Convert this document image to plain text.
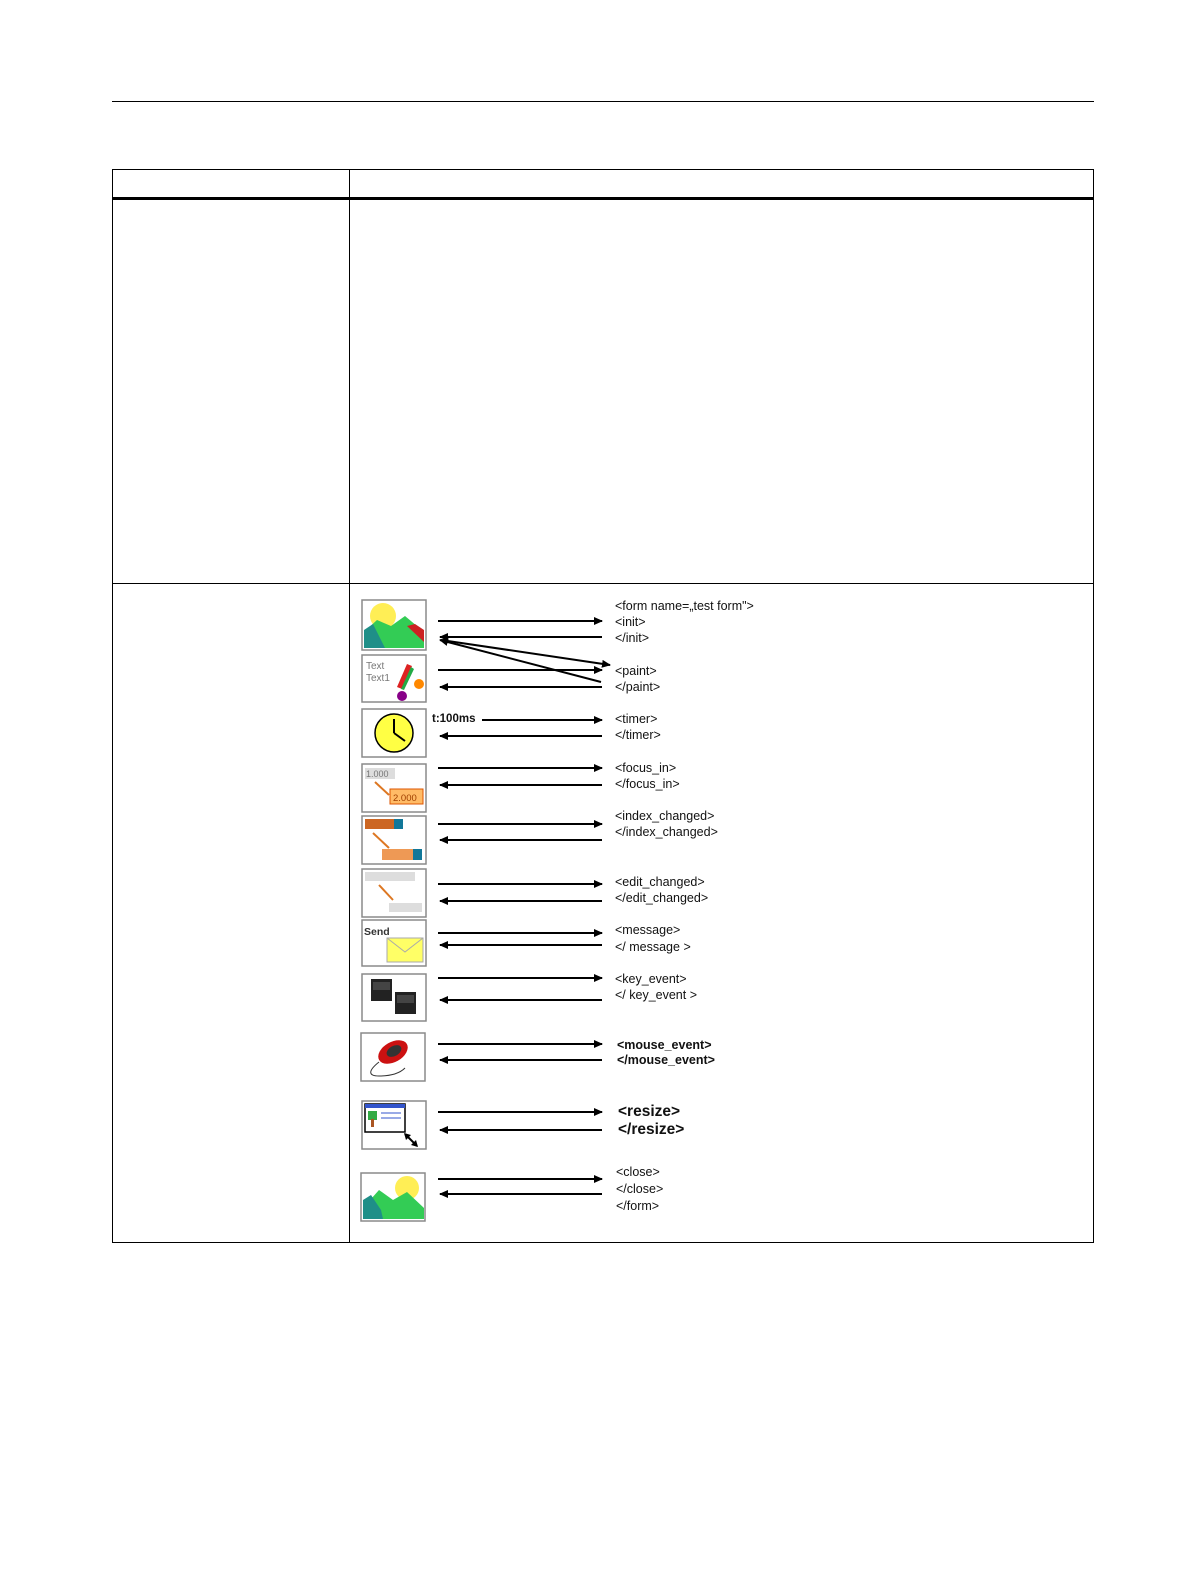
Text
Text1
1.000
2.000
Send
t:100ms
<form name=„test form">
<init>
</init>
<paint>
</paint>
<timer>
</timer>
<focus_in>
</focus_in>
<index_changed>
</index_changed>
<edit_changed>
</edit_changed>
<message>
</ message >
<key_event>
</ key_event >
<mouse_event>
</mouse_event>
<resize>
</resize>
<close>
</close>
</form>
